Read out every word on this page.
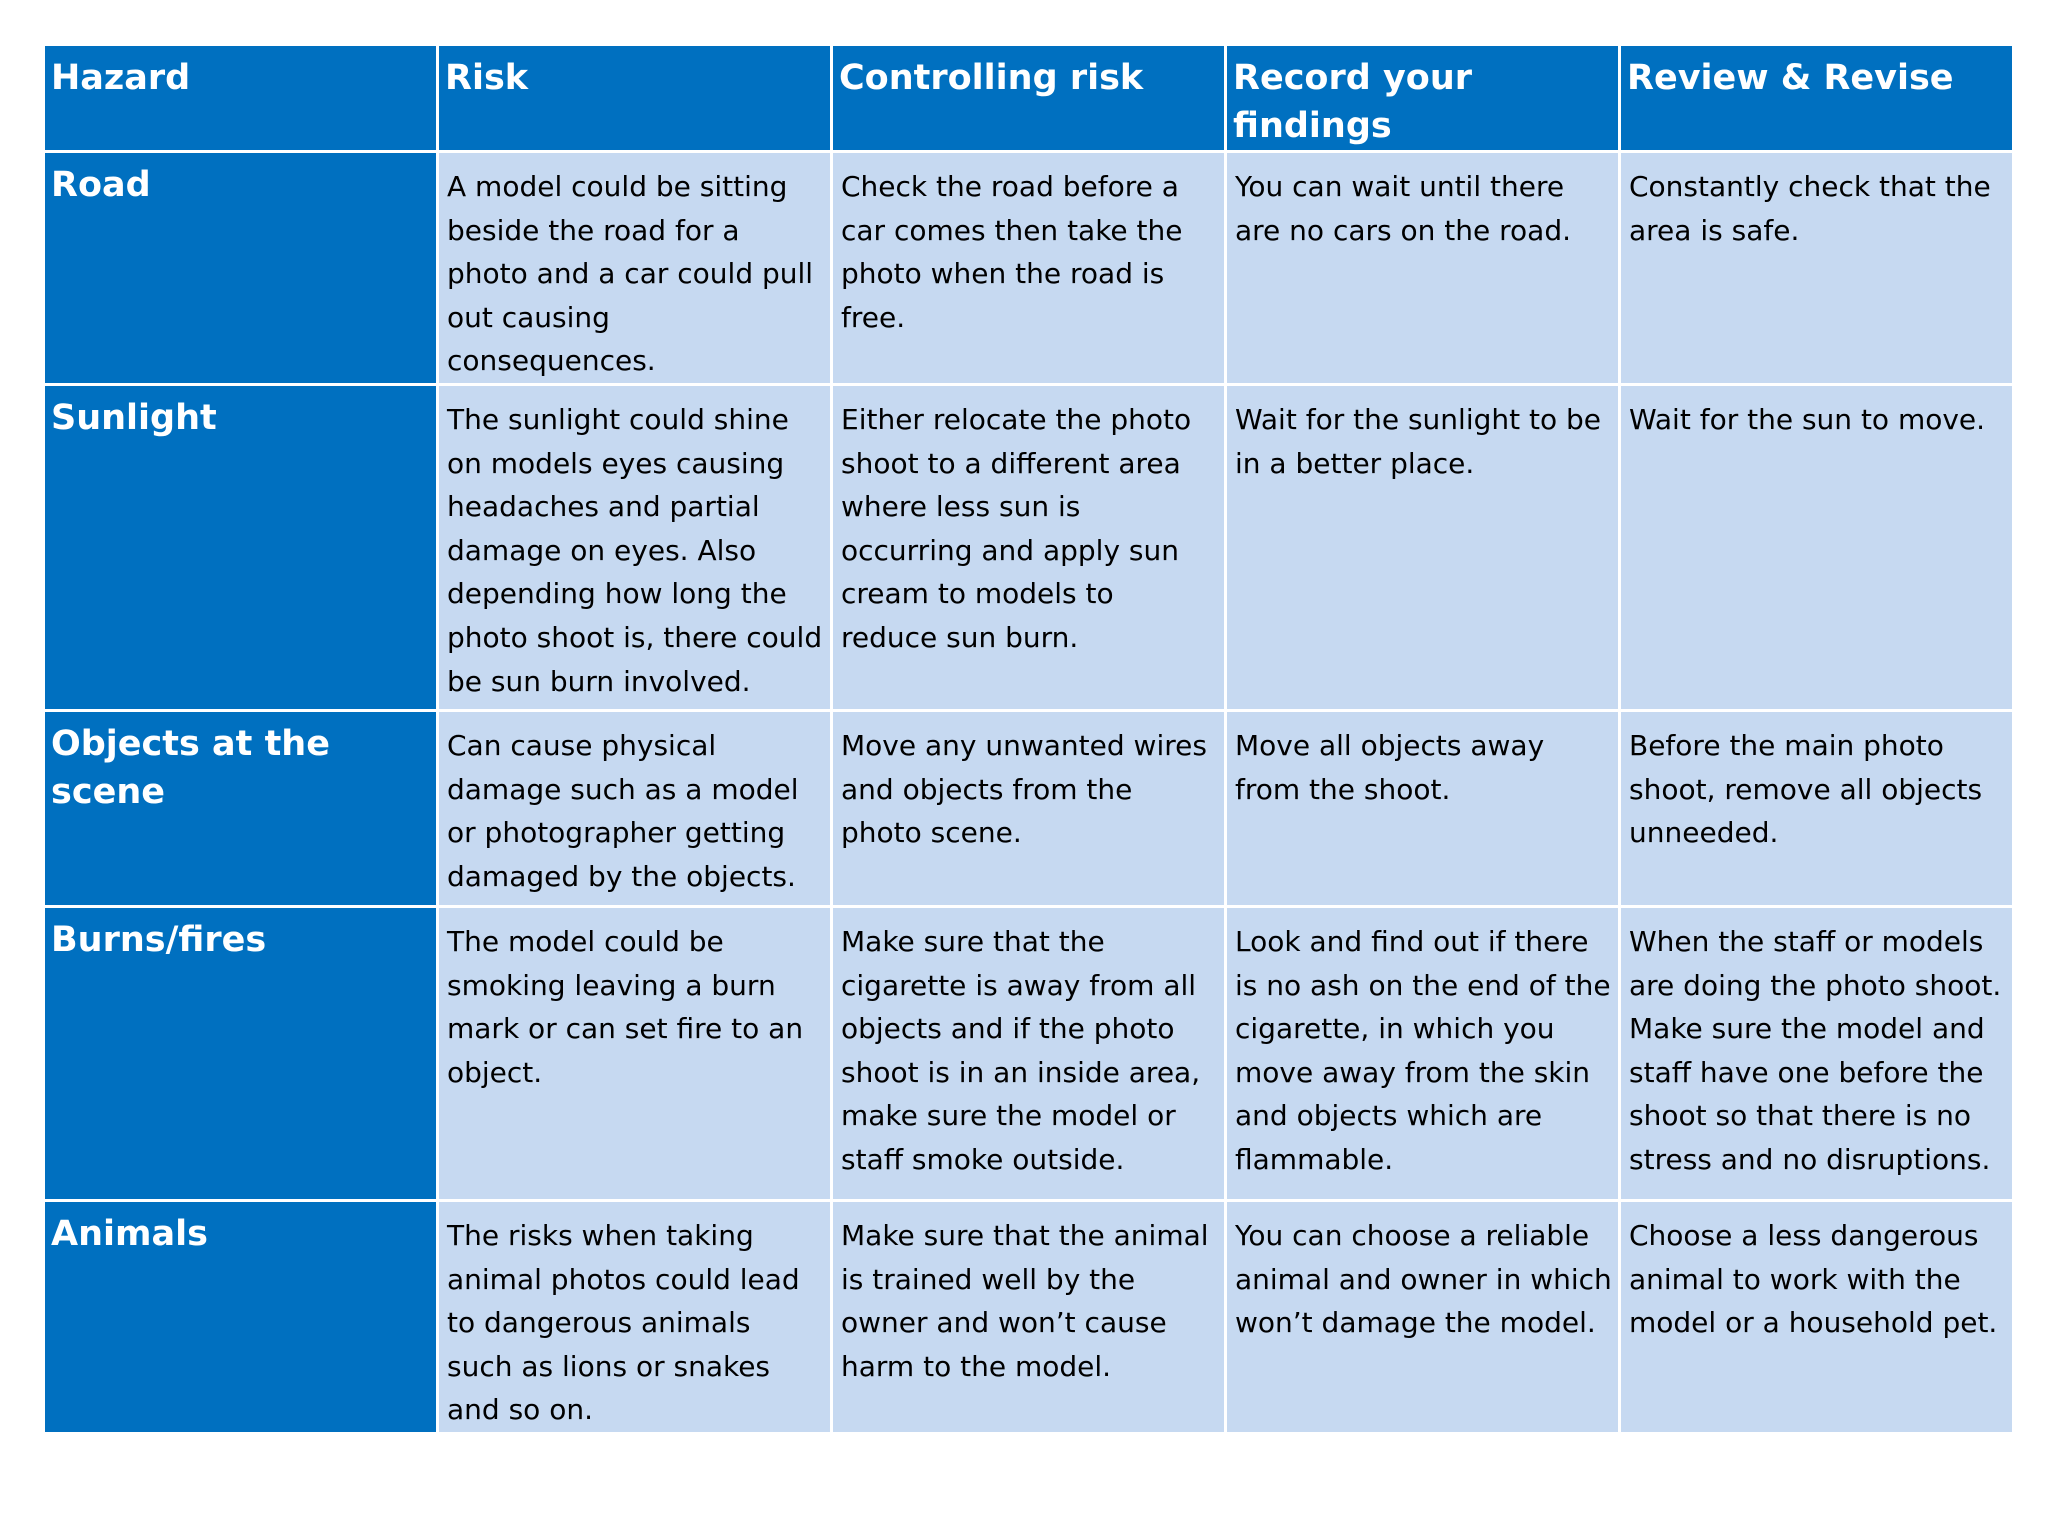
Hazard	Risk	Controlling risk	Record your findings	Review & Revise
Road	A model could be sitting beside the road for a photo and a car could pull out causing consequences.	Check the road before a car comes then take the photo when the road is free.	You can wait until there are no cars on the road.	Constantly check that the area is safe.
Sunlight	The sunlight could shine on models eyes causing headaches and partial damage on eyes. Also depending how long the photo shoot is, there could be sun burn involved.	Either relocate the photo shoot to a different area where less sun is occurring and apply sun cream to models to reduce sun burn.	Wait for the sunlight to be in a better place.	Wait for the sun to move.
Objects at the scene	Can cause physical damage such as a model or photographer getting damaged by the objects.	Move any unwanted wires and objects from the photo scene.	Move all objects away from the shoot.	Before the main photo shoot, remove all objects unneeded.
Burns/fires	The model could be smoking leaving a burn mark or can set fire to an object.	Make sure that the cigarette is away from all objects and if the photo shoot is in an inside area, make sure the model or staff smoke outside.	Look and find out if there is no ash on the end of the cigarette, in which you move away from the skin and objects which are flammable.	When the staff or models are doing the photo shoot. Make sure the model and staff have one before the shoot so that there is no stress and no disruptions.
Animals	The risks when taking animal photos could lead to dangerous animals such as lions or snakes and so on.	Make sure that the animal is trained well by the owner and won’t cause harm to the model.	You can choose a reliable animal and owner in which won’t damage the model.	Choose a less dangerous animal to work with the model or a household pet.
